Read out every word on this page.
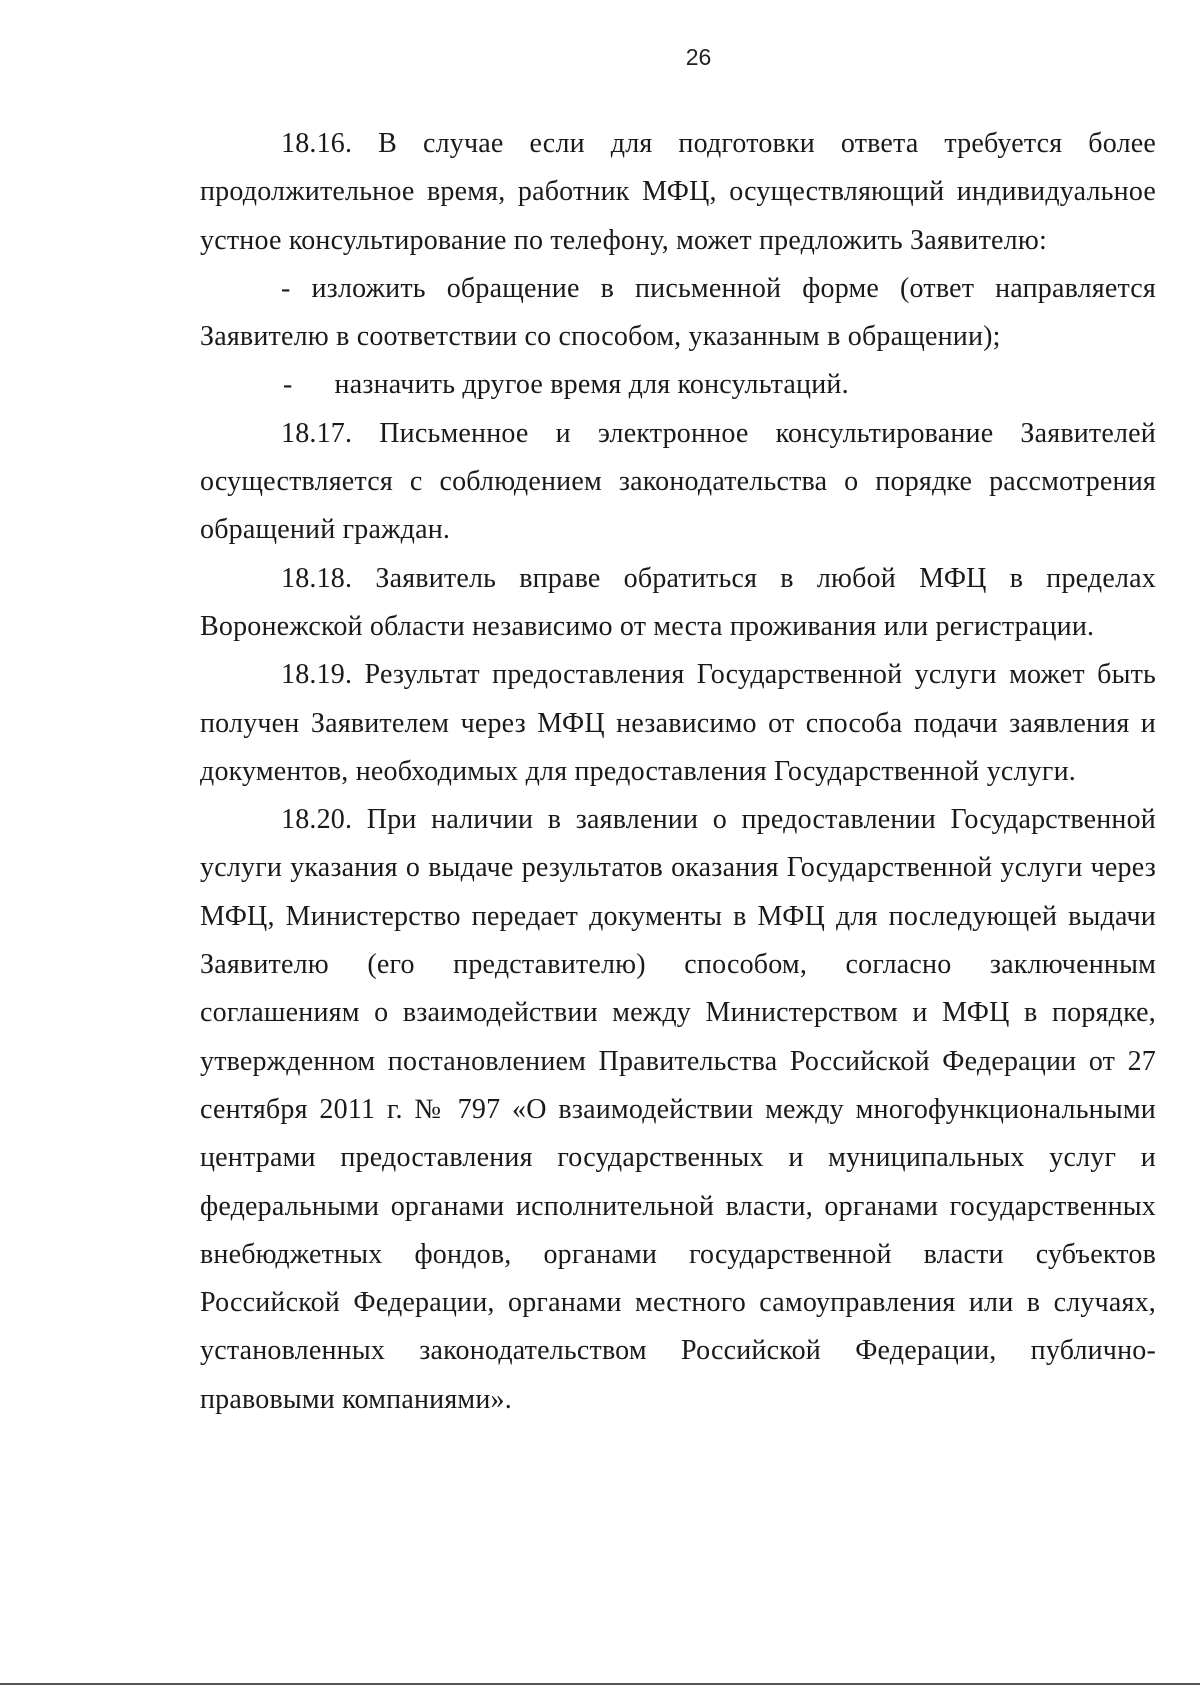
26

18.16. В случае если для подготовки ответа требуется более продолжительное время, работник МФЦ, осуществляющий индивидуальное устное консультирование по телефону, может предложить Заявителю:

- изложить обращение в письменной форме (ответ направляется Заявителю в соответствии со способом, указанным в обращении);

- назначить другое время для консультаций.

18.17. Письменное и электронное консультирование Заявителей осуществляется с соблюдением законодательства о порядке рассмотрения обращений граждан.

18.18. Заявитель вправе обратиться в любой МФЦ в пределах Воронежской области независимо от места проживания или регистрации.

18.19. Результат предоставления Государственной услуги может быть получен Заявителем через МФЦ независимо от способа подачи заявления и документов, необходимых для предоставления Государственной услуги.

18.20. При наличии в заявлении о предоставлении Государственной услуги указания о выдаче результатов оказания Государственной услуги через МФЦ, Министерство передает документы в МФЦ для последующей выдачи Заявителю (его представителю) способом, согласно заключенным соглашениям о взаимодействии между Министерством и МФЦ в порядке, утвержденном постановлением Правительства Российской Федерации от 27 сентября 2011 г. № 797 «О взаимодействии между многофункциональными центрами предоставления государственных и муниципальных услуг и федеральными органами исполнительной власти, органами государственных внебюджетных фондов, органами государственной власти субъектов Российской Федерации, органами местного самоуправления или в случаях, установленных законодательством Российской Федерации, публично-правовыми компаниями».
